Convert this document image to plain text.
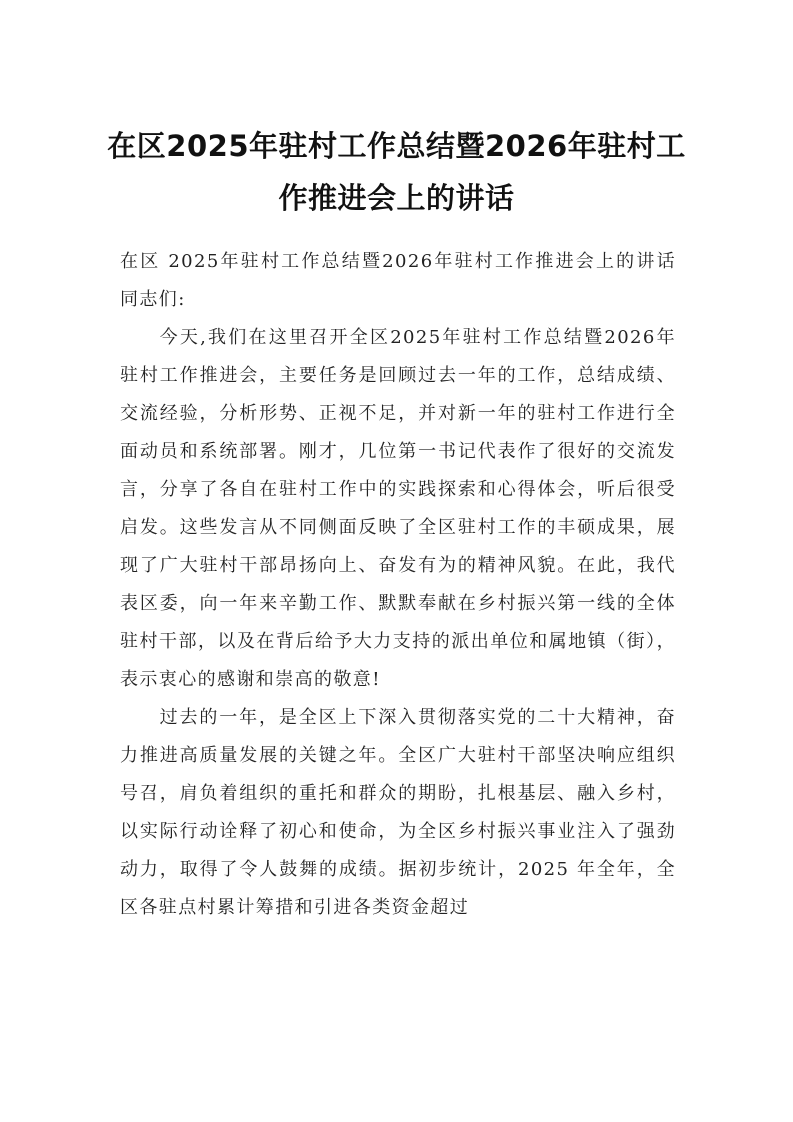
在区2025年驻村工作总结暨2026年驻村工作推进会上的讲话

在区 2025年驻村工作总结暨2026年驻村工作推进会上的讲话同志们:

今天,我们在这里召开全区2025年驻村工作总结暨2026年驻村工作推进会，主要任务是回顾过去一年的工作，总结成绩、交流经验，分析形势、正视不足，并对新一年的驻村工作进行全面动员和系统部署。刚才，几位第一书记代表作了很好的交流发言，分享了各自在驻村工作中的实践探索和心得体会，听后很受启发。这些发言从不同侧面反映了全区驻村工作的丰硕成果，展现了广大驻村干部昂扬向上、奋发有为的精神风貌。在此，我代表区委，向一年来辛勤工作、默默奉献在乡村振兴第一线的全体驻村干部，以及在背后给予大力支持的派出单位和属地镇（街），表示衷心的感谢和崇高的敬意!

过去的一年，是全区上下深入贯彻落实党的二十大精神，奋力推进高质量发展的关键之年。全区广大驻村干部坚决响应组织号召，肩负着组织的重托和群众的期盼，扎根基层、融入乡村，以实际行动诠释了初心和使命，为全区乡村振兴事业注入了强劲动力，取得了令人鼓舞的成绩。据初步统计，2025 年全年，全区各驻点村累计筹措和引进各类资金超过
